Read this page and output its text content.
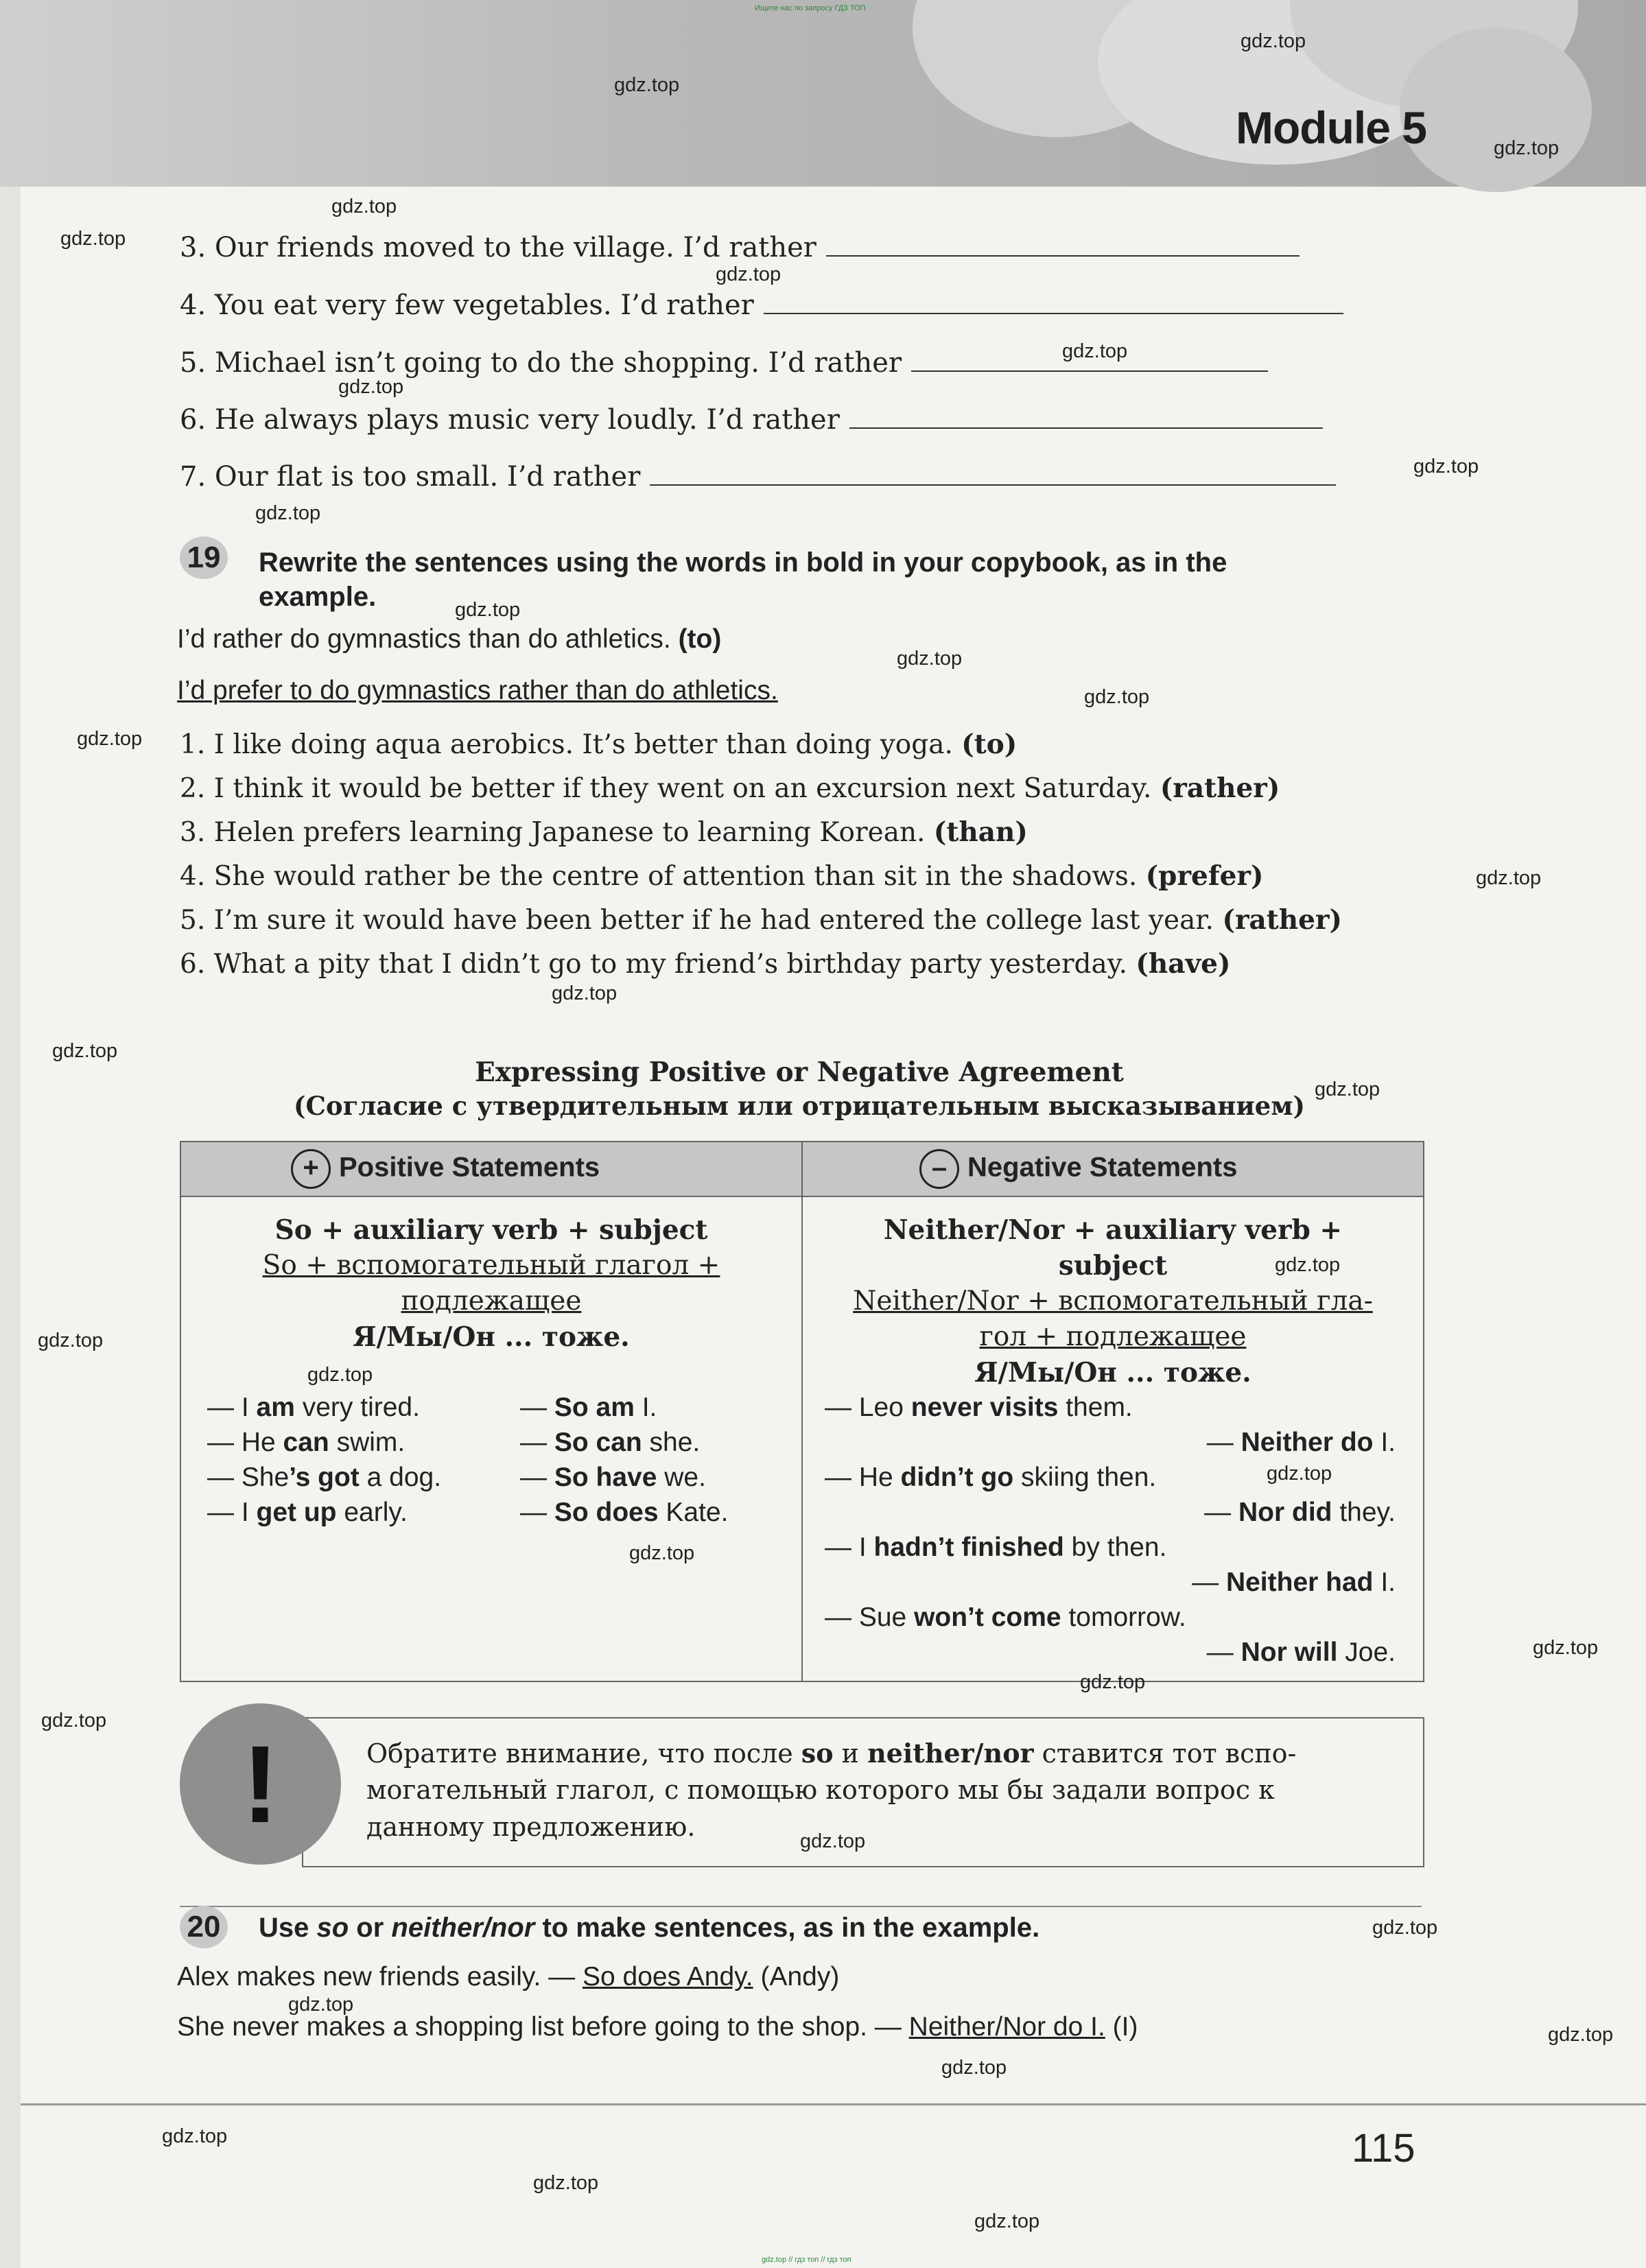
Ищите нас по запросу ГДЗ ТОП
Module 5
3. Our friends moved to the village. I’d rather
4. You eat very few vegetables. I’d rather
5. Michael isn’t going to do the shopping. I’d rather
6. He always plays music very loudly. I’d rather
7. Our flat is too small. I’d rather
19 Rewrite the sentences using the words in bold in your copybook, as in the
example.
I’d rather do gymnastics than do athletics. (to)
I’d prefer to do gymnastics rather than do athletics.
1. I like doing aqua aerobics. It’s better than doing yoga. (to)
2. I think it would be better if they went on an excursion next Saturday. (rather)
3. Helen prefers learning Japanese to learning Korean. (than)
4. She would rather be the centre of attention than sit in the shadows. (prefer)
5. I’m sure it would have been better if he had entered the college last year. (rather)
6. What a pity that I didn’t go to my friend’s birthday party yesterday. (have)
Expressing Positive or Negative Agreement
(Согласие с утвердительным или отрицательным высказыванием)
+ Positive Statements	– Negative Statements
So + auxiliary verb + subject
So + вспомогательный глагол +
подлежащее
Я/Мы/Он ... тоже.
— I am very tired.	— So am I.
— He can swim.	— So can she.
— She’s got a dog.	— So have we.
— I get up early.	— So does Kate.
Neither/Nor + auxiliary verb +
subject
Neither/Nor + вспомогательный гла-
гол + подлежащее
Я/Мы/Он ... тоже.
— Leo never visits them.
— Neither do I.
— He didn’t go skiing then.
— Nor did they.
— I hadn’t finished by then.
— Neither had I.
— Sue won’t come tomorrow.
— Nor will Joe.
Обратите внимание, что после so и neither/nor ставится тот вспо-
могательный глагол, с помощью которого мы бы задали вопрос к
данному предложению.
!
20 Use so or neither/nor to make sentences, as in the example.
Alex makes new friends easily. — So does Andy. (Andy)
She never makes a shopping list before going to the shop. — Neither/Nor do I. (I)
115
gdz.top // гдз топ // гдз топ
gdz.top
gdz.top
gdz.top
gdz.top
gdz.top
gdz.top
gdz.top
gdz.top
gdz.top
gdz.top
gdz.top
gdz.top
gdz.top
gdz.top
gdz.top
gdz.top
gdz.top
gdz.top
gdz.top
gdz.top
gdz.top
gdz.top
gdz.top
gdz.top
gdz.top
gdz.top
gdz.top
gdz.top
gdz.top
gdz.top
gdz.top
gdz.top
gdz.top
gdz.top
